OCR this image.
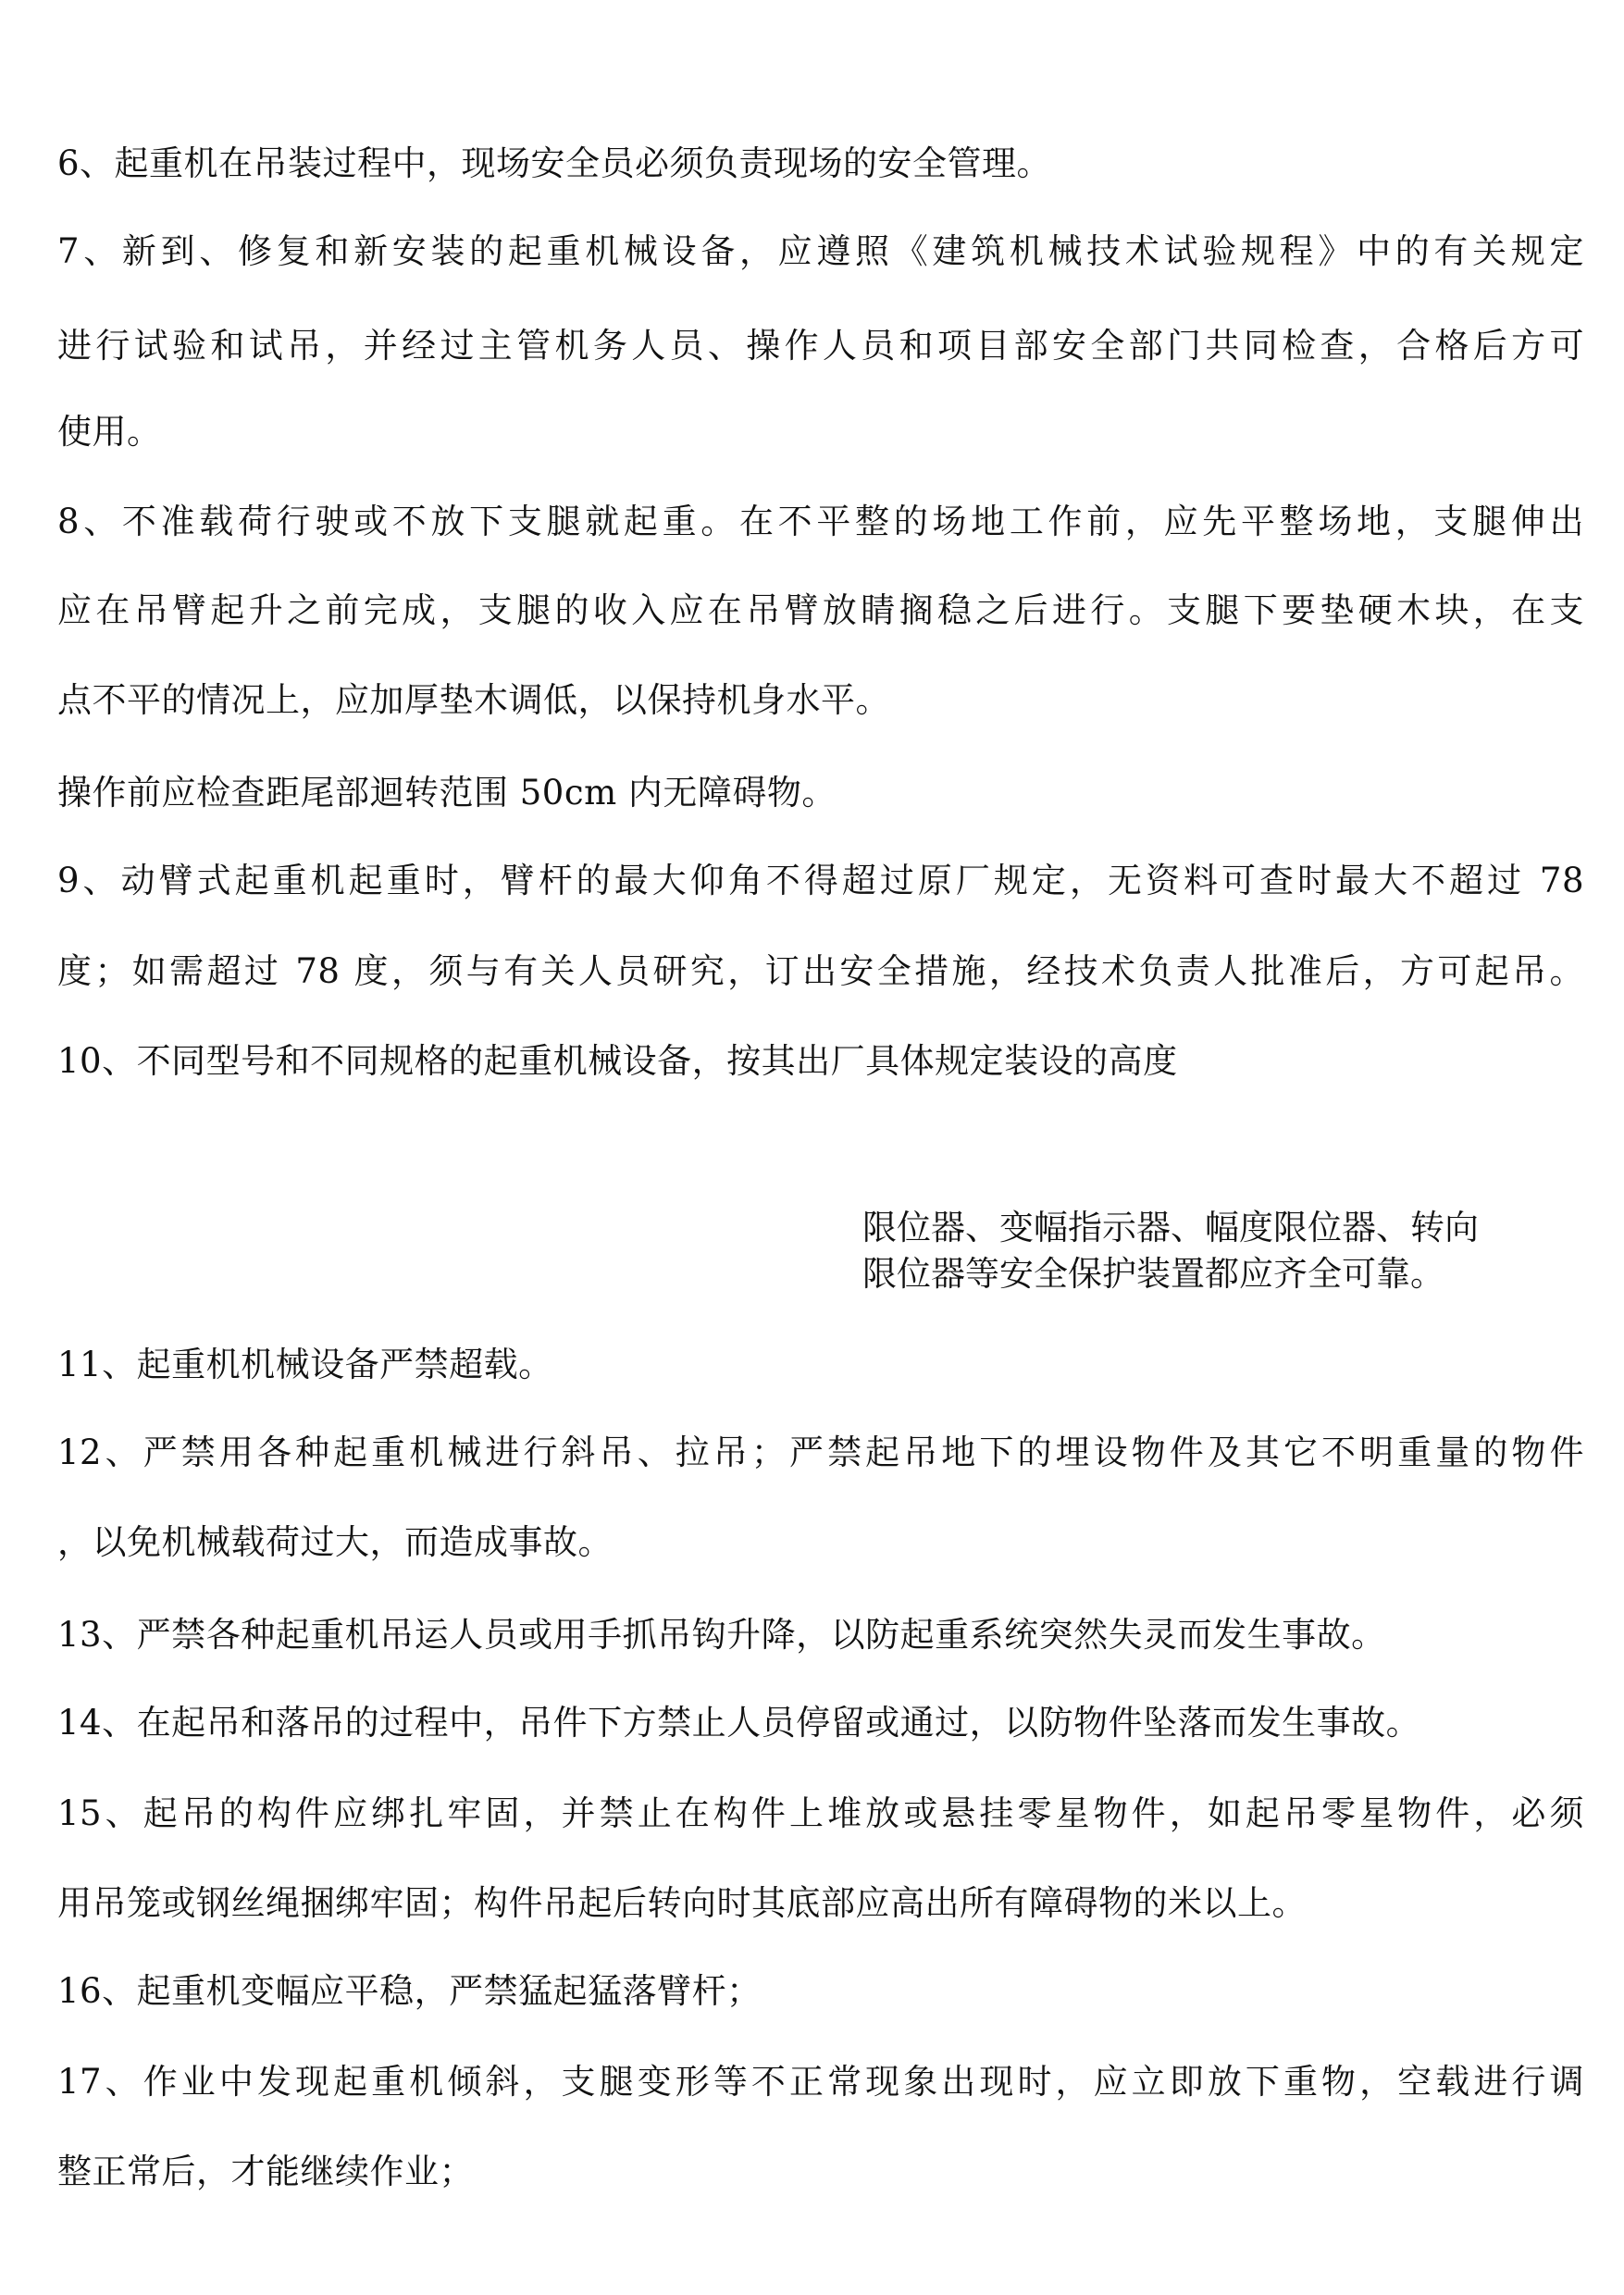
6、起重机在吊装过程中，现场安全员必须负责现场的安全管理。
7、新到、修复和新安装的起重机械设备，应遵照《建筑机械技术试验规程》中的有关规定
进行试验和试吊，并经过主管机务人员、操作人员和项目部安全部门共同检查，合格后方可
使用。
8、不准载荷行驶或不放下支腿就起重。在不平整的场地工作前，应先平整场地，支腿伸出
应在吊臂起升之前完成，支腿的收入应在吊臂放睛搁稳之后进行。支腿下要垫硬木块，在支
点不平的情况上，应加厚垫木调低，以保持机身水平。
操作前应检查距尾部迴转范围 50cm 内无障碍物。
9、动臂式起重机起重时，臂杆的最大仰角不得超过原厂规定，无资料可查时最大不超过 78
度；如需超过 78 度，须与有关人员研究，订出安全措施，经技术负责人批准后，方可起吊。
10、不同型号和不同规格的起重机械设备，按其出厂具体规定装设的高度
限位器、变幅指示器、幅度限位器、转向
限位器等安全保护装置都应齐全可靠。
11、起重机机械设备严禁超载。
12、严禁用各种起重机械进行斜吊、拉吊；严禁起吊地下的埋设物件及其它不明重量的物件
，以免机械载荷过大，而造成事故。
13、严禁各种起重机吊运人员或用手抓吊钩升降，以防起重系统突然失灵而发生事故。
14、在起吊和落吊的过程中，吊件下方禁止人员停留或通过，以防物件坠落而发生事故。
15、起吊的构件应绑扎牢固，并禁止在构件上堆放或悬挂零星物件，如起吊零星物件，必须
用吊笼或钢丝绳捆绑牢固；构件吊起后转向时其底部应高出所有障碍物的米以上。
16、起重机变幅应平稳，严禁猛起猛落臂杆；
17、作业中发现起重机倾斜，支腿变形等不正常现象出现时，应立即放下重物，空载进行调
整正常后，才能继续作业；
